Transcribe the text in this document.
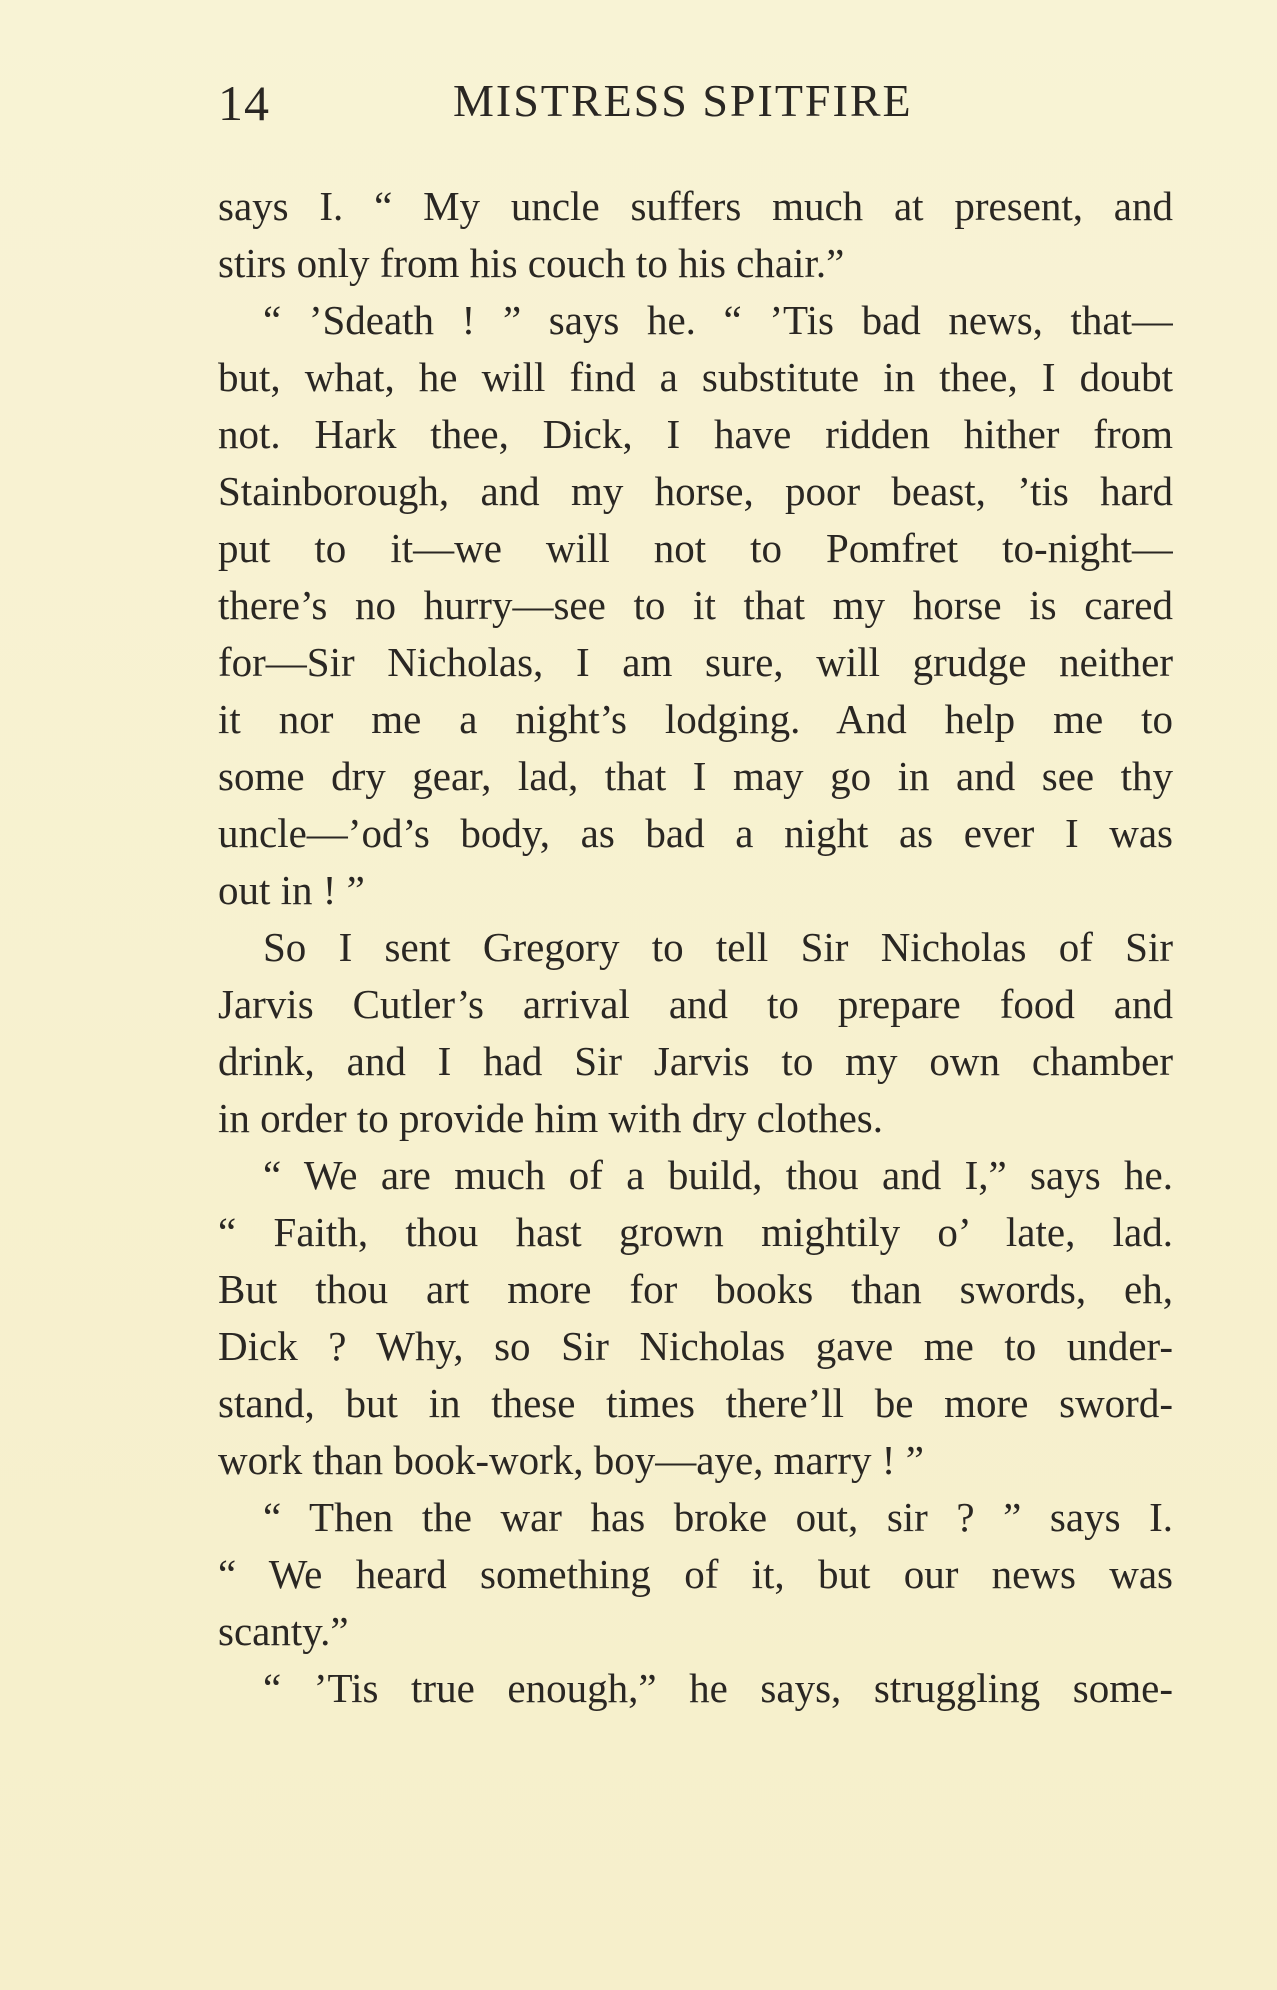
14	MISTRESS SPITFIRE
says I. “ My uncle suffers much at present, and
stirs only from his couch to his chair.”
“ ’Sdeath ! ” says he. “ ’Tis bad news, that—
but, what, he will find a substitute in thee, I doubt
not. Hark thee, Dick, I have ridden hither from
Stainborough, and my horse, poor beast, ’tis hard
put to it—we will not to Pomfret to-night—
there’s no hurry—see to it that my horse is cared
for—Sir Nicholas, I am sure, will grudge neither
it nor me a night’s lodging. And help me to
some dry gear, lad, that I may go in and see thy
uncle—’od’s body, as bad a night as ever I was
out in ! ”
So I sent Gregory to tell Sir Nicholas of Sir
Jarvis Cutler’s arrival and to prepare food and
drink, and I had Sir Jarvis to my own chamber
in order to provide him with dry clothes.
“ We are much of a build, thou and I,” says he.
“ Faith, thou hast grown mightily o’ late, lad.
But thou art more for books than swords, eh,
Dick ? Why, so Sir Nicholas gave me to under-
stand, but in these times there’ll be more sword-
work than book-work, boy—aye, marry ! ”
“ Then the war has broke out, sir ? ” says I.
“ We heard something of it, but our news was
scanty.”
“ ’Tis true enough,” he says, struggling some-
